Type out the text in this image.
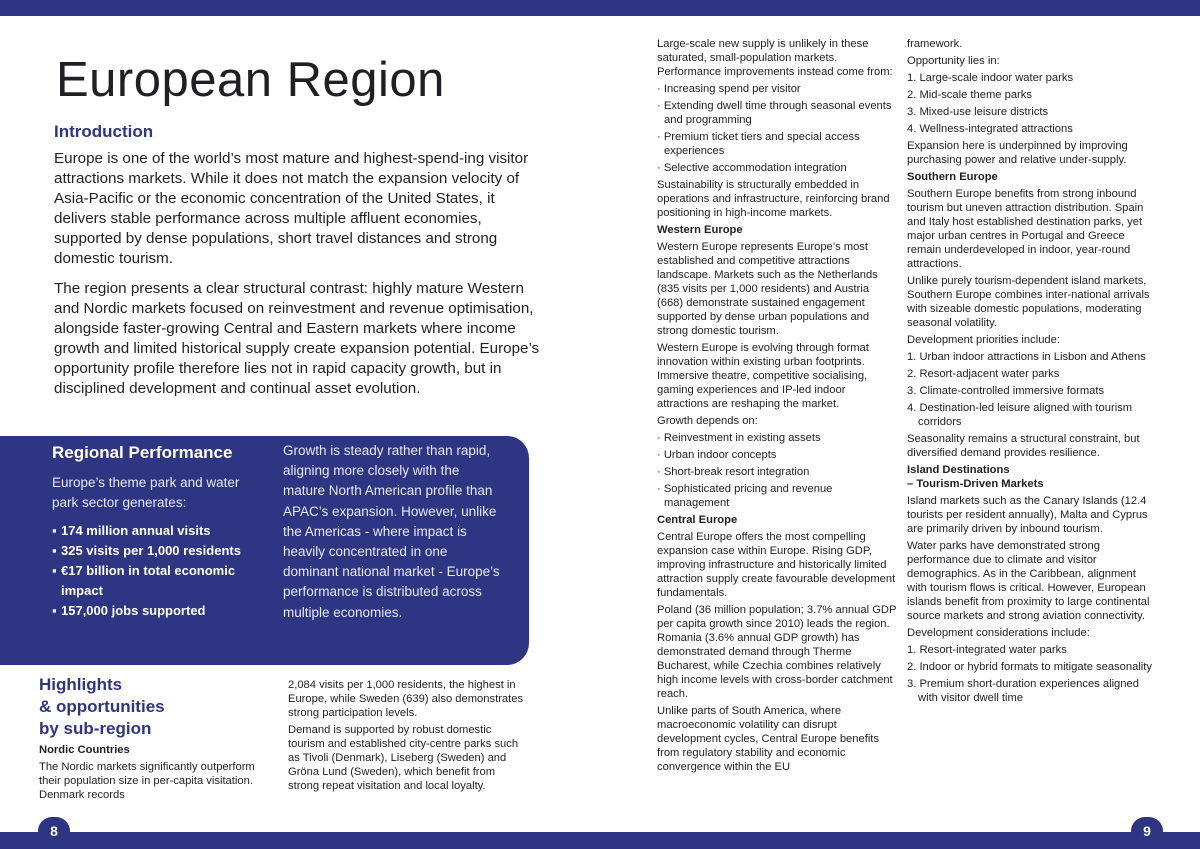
8	9
European Region
Introduction

Europe is one of the world’s most mature and highest-spend-ing visitor attractions markets. While it does not match the expansion velocity of Asia-Pacific or the economic concentration of the United States, it delivers stable performance across multiple affluent economies, supported by dense populations, short travel distances and strong domestic tourism.

The region presents a clear structural contrast: highly mature Western and Nordic markets focused on reinvestment and revenue optimisation, alongside faster-growing Central and Eastern markets where income growth and limited historical supply create expansion potential. Europe’s opportunity profile therefore lies not in rapid capacity growth, but in disciplined development and continual asset evolution.

Regional Performance

Europe’s theme park and water park sector generates:

▪ 174 million annual visits
▪ 325 visits per 1,000 residents
▪ €17 billion in total economic impact
▪ 157,000 jobs supported

Growth is steady rather than rapid, aligning more closely with the mature North American profile than APAC’s expansion. However, unlike the Americas - where impact is heavily concentrated in one dominant national market - Europe’s performance is distributed across multiple economies.

Highlights
& opportunities
by sub-region

Nordic Countries

The Nordic markets significantly outperform their population size in per-capita visitation. Denmark records

2,084 visits per 1,000 residents, the highest in Europe, while Sweden (639) also demonstrates strong participation levels.

Demand is supported by robust domestic tourism and established city-centre parks such as Tivoli (Denmark), Liseberg (Sweden) and Gröna Lund (Sweden), which benefit from strong repeat visitation and local loyalty.

Large-scale new supply is unlikely in these saturated, small-population markets. Performance improvements instead come from:

· Increasing spend per visitor

· Extending dwell time through seasonal events and programming

· Premium ticket tiers and special access experiences

· Selective accommodation integration

Sustainability is structurally embedded in operations and infrastructure, reinforcing brand positioning in high-income markets.

Western Europe

Western Europe represents Europe’s most established and competitive attractions landscape. Markets such as the Netherlands (835 visits per 1,000 residents) and Austria (668) demonstrate sustained engagement supported by dense urban populations and strong domestic tourism.

Western Europe is evolving through format innovation within existing urban footprints. Immersive theatre, competitive socialising, gaming experiences and IP-led indoor attractions are reshaping the market.

Growth depends on:

· Reinvestment in existing assets

· Urban indoor concepts

· Short-break resort integration

· Sophisticated pricing and revenue management

Central Europe

Central Europe offers the most compelling expansion case within Europe. Rising GDP, improving infrastructure and historically limited attraction supply create favourable development fundamentals.

Poland (36 million population; 3.7% annual GDP per capita growth since 2010) leads the region. Romania (3.6% annual GDP growth) has demonstrated demand through Therme Bucharest, while Czechia combines relatively high income levels with cross-border catchment reach.

Unlike parts of South America, where macroeconomic volatility can disrupt development cycles, Central Europe benefits from regulatory stability and economic convergence within the EU

framework.

Opportunity lies in:

1. Large-scale indoor water parks

2. Mid-scale theme parks

3. Mixed-use leisure districts

4. Wellness-integrated attractions

Expansion here is underpinned by improving purchasing power and relative under-supply.

Southern Europe

Southern Europe benefits from strong inbound tourism but uneven attraction distribution. Spain and Italy host established destination parks, yet major urban centres in Portugal and Greece remain underdeveloped in indoor, year-round attractions.

Unlike purely tourism-dependent island markets, Southern Europe combines inter-national arrivals with sizeable domestic populations, moderating seasonal volatility.

Development priorities include:

1. Urban indoor attractions in Lisbon and Athens

2. Resort-adjacent water parks

3. Climate-controlled immersive formats

4. Destination-led leisure aligned with tourism corridors

Seasonality remains a structural constraint, but diversified demand provides resilience.

Island Destinations

– Tourism-Driven Markets

Island markets such as the Canary Islands (12.4 tourists per resident annually), Malta and Cyprus are primarily driven by inbound tourism.

Water parks have demonstrated strong performance due to climate and visitor demographics. As in the Caribbean, alignment with tourism flows is critical. However, European islands benefit from proximity to large continental source markets and strong aviation connectivity.

Development considerations include:

1. Resort-integrated water parks

2. Indoor or hybrid formats to mitigate seasonality

3. Premium short-duration experiences aligned with visitor dwell time
